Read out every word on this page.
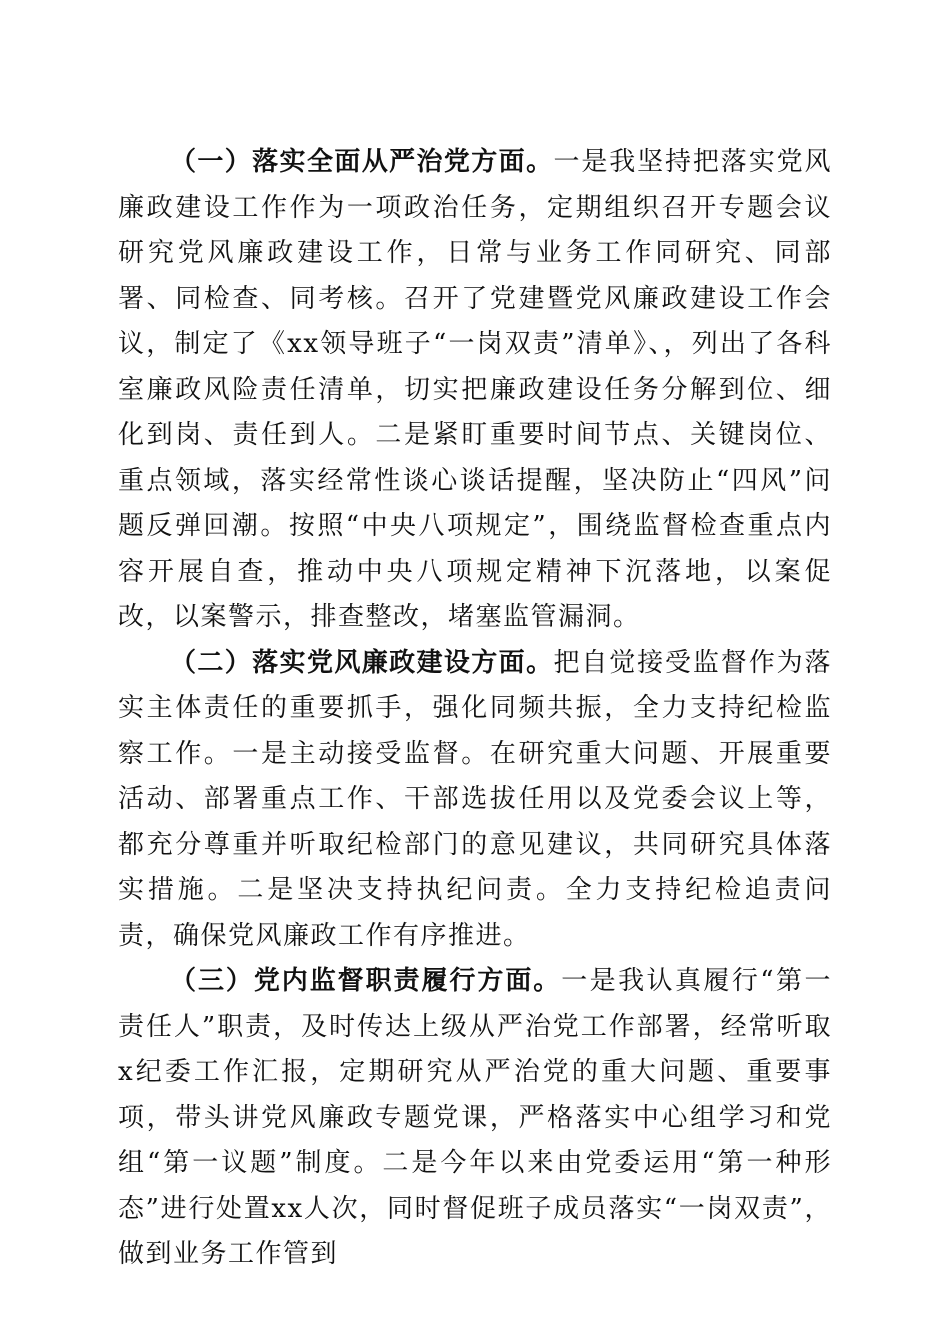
（一）落实全面从严治党方面。一是我坚持把落实党风廉政建设工作作为一项政治任务，定期组织召开专题会议研究党风廉政建设工作，日常与业务工作同研究、同部署、同检查、同考核。召开了党建暨党风廉政建设工作会议，制定了《xx领导班子“一岗双责”清单》、，列出了各科室廉政风险责任清单，切实把廉政建设任务分解到位、细化到岗、责任到人。二是紧盯重要时间节点、关键岗位、重点领域，落实经常性谈心谈话提醒，坚决防止“四风”问题反弹回潮。按照“中央八项规定”，围绕监督检查重点内容开展自查，推动中央八项规定精神下沉落地，以案促改，以案警示，排查整改，堵塞监管漏洞。

（二）落实党风廉政建设方面。把自觉接受监督作为落实主体责任的重要抓手，强化同频共振，全力支持纪检监察工作。一是主动接受监督。在研究重大问题、开展重要活动、部署重点工作、干部选拔任用以及党委会议上等，都充分尊重并听取纪检部门的意见建议，共同研究具体落实措施。二是坚决支持执纪问责。全力支持纪检追责问责，确保党风廉政工作有序推进。

（三）党内监督职责履行方面。一是我认真履行“第一责任人”职责，及时传达上级从严治党工作部署，经常听取x纪委工作汇报，定期研究从严治党的重大问题、重要事项，带头讲党风廉政专题党课，严格落实中心组学习和党组“第一议题”制度。二是今年以来由党委运用“第一种形态”进行处置xx人次，同时督促班子成员落实“一岗双责”，做到业务工作管到
